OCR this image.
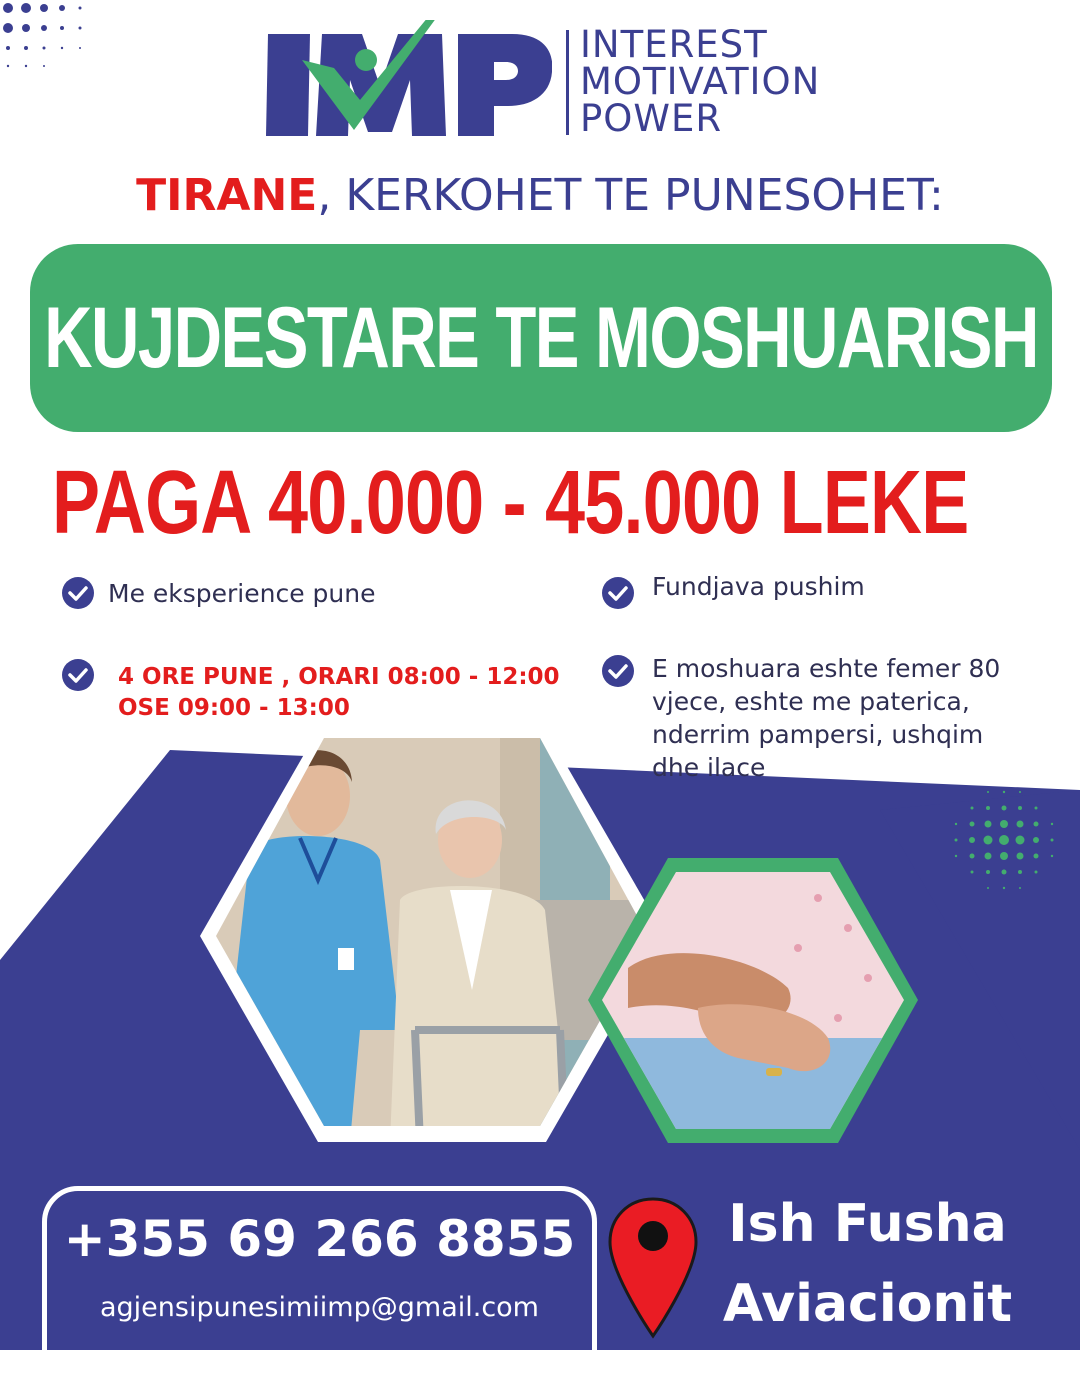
INTEREST
MOTIVATION
POWER
TIRANE, KERKOHET TE PUNESOHET:
KUJDESTARE TE MOSHUARISH
PAGA 40.000 - 45.000 LEKE
Me eksperience pune	Fundjava pushim
4 ORE PUNE , ORARI 08:00 - 12:00
OSE 09:00 - 13:00
E moshuara eshte femer 80
vjece, eshte me paterica,
nderrim pampersi, ushqim
dhe ilace
+355 69 266 8855
agjensipunesimiimp@gmail.com
Ish Fusha
Aviacionit
